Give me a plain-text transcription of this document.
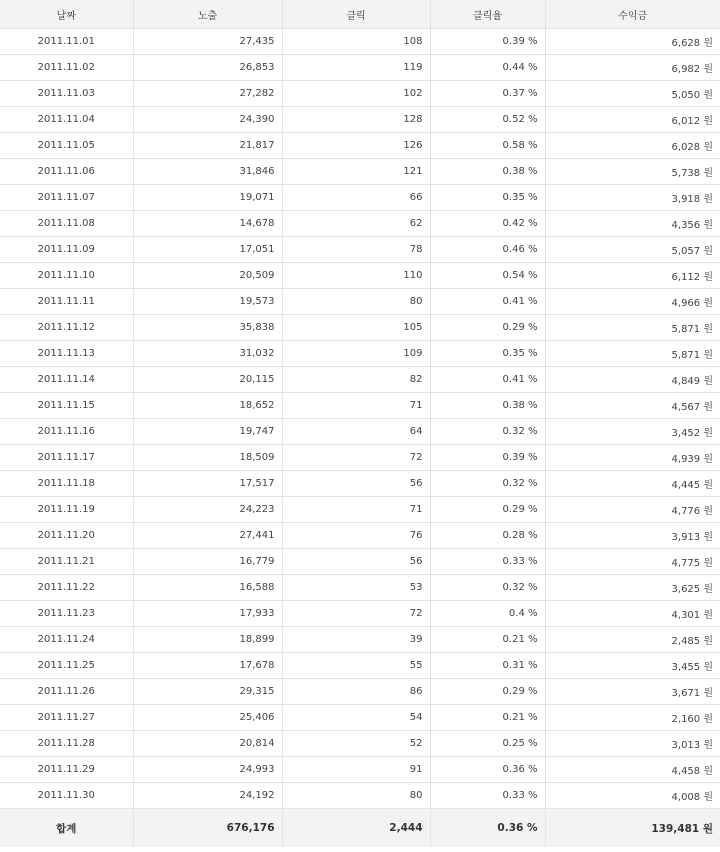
날짜	노출	클릭	클릭율	수익금
2011.11.01	27,435	108	0.39 %	6,628 원
2011.11.02	26,853	119	0.44 %	6,982 원
2011.11.03	27,282	102	0.37 %	5,050 원
2011.11.04	24,390	128	0.52 %	6,012 원
2011.11.05	21,817	126	0.58 %	6,028 원
2011.11.06	31,846	121	0.38 %	5,738 원
2011.11.07	19,071	66	0.35 %	3,918 원
2011.11.08	14,678	62	0.42 %	4,356 원
2011.11.09	17,051	78	0.46 %	5,057 원
2011.11.10	20,509	110	0.54 %	6,112 원
2011.11.11	19,573	80	0.41 %	4,966 원
2011.11.12	35,838	105	0.29 %	5,871 원
2011.11.13	31,032	109	0.35 %	5,871 원
2011.11.14	20,115	82	0.41 %	4,849 원
2011.11.15	18,652	71	0.38 %	4,567 원
2011.11.16	19,747	64	0.32 %	3,452 원
2011.11.17	18,509	72	0.39 %	4,939 원
2011.11.18	17,517	56	0.32 %	4,445 원
2011.11.19	24,223	71	0.29 %	4,776 원
2011.11.20	27,441	76	0.28 %	3,913 원
2011.11.21	16,779	56	0.33 %	4,775 원
2011.11.22	16,588	53	0.32 %	3,625 원
2011.11.23	17,933	72	0.4 %	4,301 원
2011.11.24	18,899	39	0.21 %	2,485 원
2011.11.25	17,678	55	0.31 %	3,455 원
2011.11.26	29,315	86	0.29 %	3,671 원
2011.11.27	25,406	54	0.21 %	2,160 원
2011.11.28	20,814	52	0.25 %	3,013 원
2011.11.29	24,993	91	0.36 %	4,458 원
2011.11.30	24,192	80	0.33 %	4,008 원
합계	676,176	2,444	0.36 %	139,481 원
